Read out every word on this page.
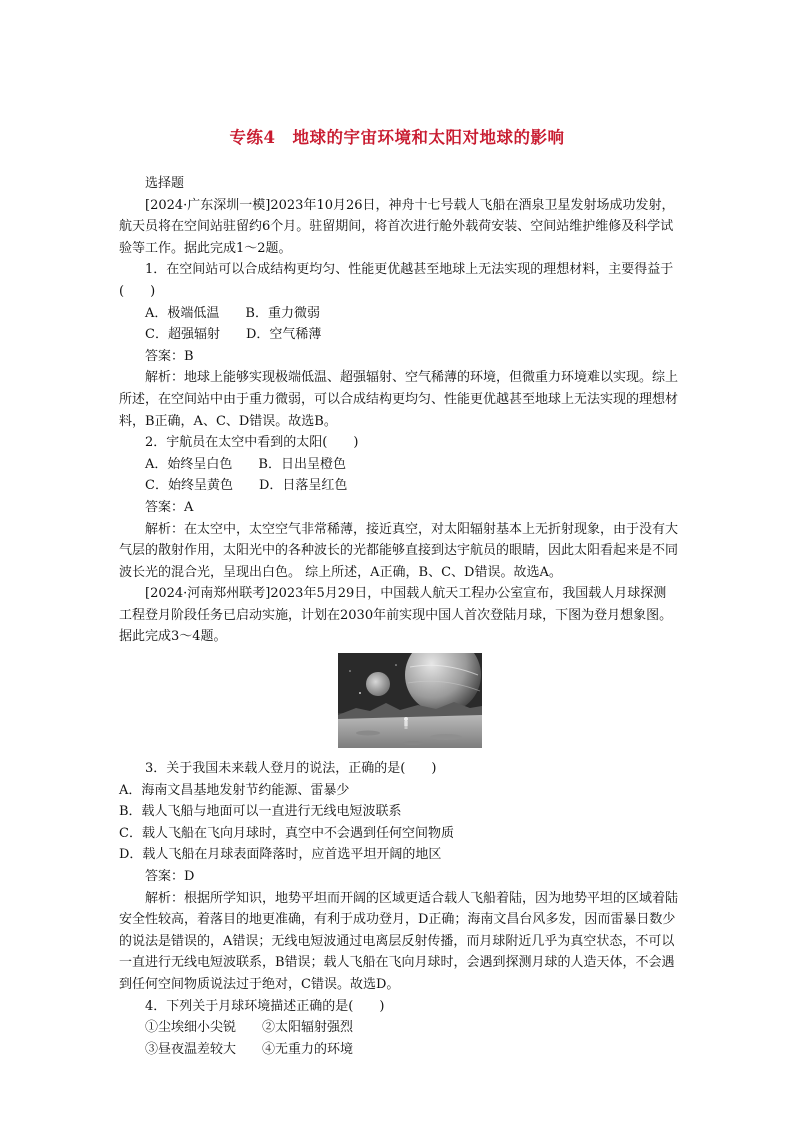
专练4　地球的宇宙环境和太阳对地球的影响

选择题

[2024·广东深圳一模]2023年10月26日，神舟十七号载人飞船在酒泉卫星发射场成功发射，航天员将在空间站驻留约6个月。驻留期间，将首次进行舱外载荷安装、空间站维护维修及科学试验等工作。据此完成1～2题。

1．在空间站可以合成结构更均匀、性能更优越甚至地球上无法实现的理想材料，主要得益于(　　)

A．极端低温　　B．重力微弱

C．超强辐射　　D．空气稀薄

答案：B

解析：地球上能够实现极端低温、超强辐射、空气稀薄的环境，但微重力环境难以实现。综上所述，在空间站中由于重力微弱，可以合成结构更均匀、性能更优越甚至地球上无法实现的理想材料，B正确，A、C、D错误。故选B。

2．宇航员在太空中看到的太阳(　　)

A．始终呈白色　　B．日出呈橙色

C．始终呈黄色　　D．日落呈红色

答案：A

解析：在太空中，太空空气非常稀薄，接近真空，对太阳辐射基本上无折射现象，由于没有大气层的散射作用，太阳光中的各种波长的光都能够直接到达宇航员的眼睛，因此太阳看起来是不同波长光的混合光，呈现出白色。 综上所述，A正确，B、C、D错误。故选A。

[2024·河南郑州联考]2023年5月29日，中国载人航天工程办公室宣布，我国载人月球探测工程登月阶段任务已启动实施，计划在2030年前实现中国人首次登陆月球，下图为登月想象图。据此完成3～4题。

3．关于我国未来载人登月的说法，正确的是(　　)

A．海南文昌基地发射节约能源、雷暴少

B．载人飞船与地面可以一直进行无线电短波联系

C．载人飞船在飞向月球时，真空中不会遇到任何空间物质

D．载人飞船在月球表面降落时，应首选平坦开阔的地区

答案：D

解析：根据所学知识，地势平坦而开阔的区域更适合载人飞船着陆，因为地势平坦的区域着陆安全性较高，着落目的地更准确，有利于成功登月，D正确；海南文昌台风多发，因而雷暴日数少的说法是错误的，A错误；无线电短波通过电离层反射传播，而月球附近几乎为真空状态，不可以一直进行无线电短波联系，B错误；载人飞船在飞向月球时，会遇到探测月球的人造天体，不会遇到任何空间物质说法过于绝对，C错误。故选D。

4．下列关于月球环境描述正确的是(　　)

①尘埃细小尖锐　　②太阳辐射强烈

③昼夜温差较大　　④无重力的环境
